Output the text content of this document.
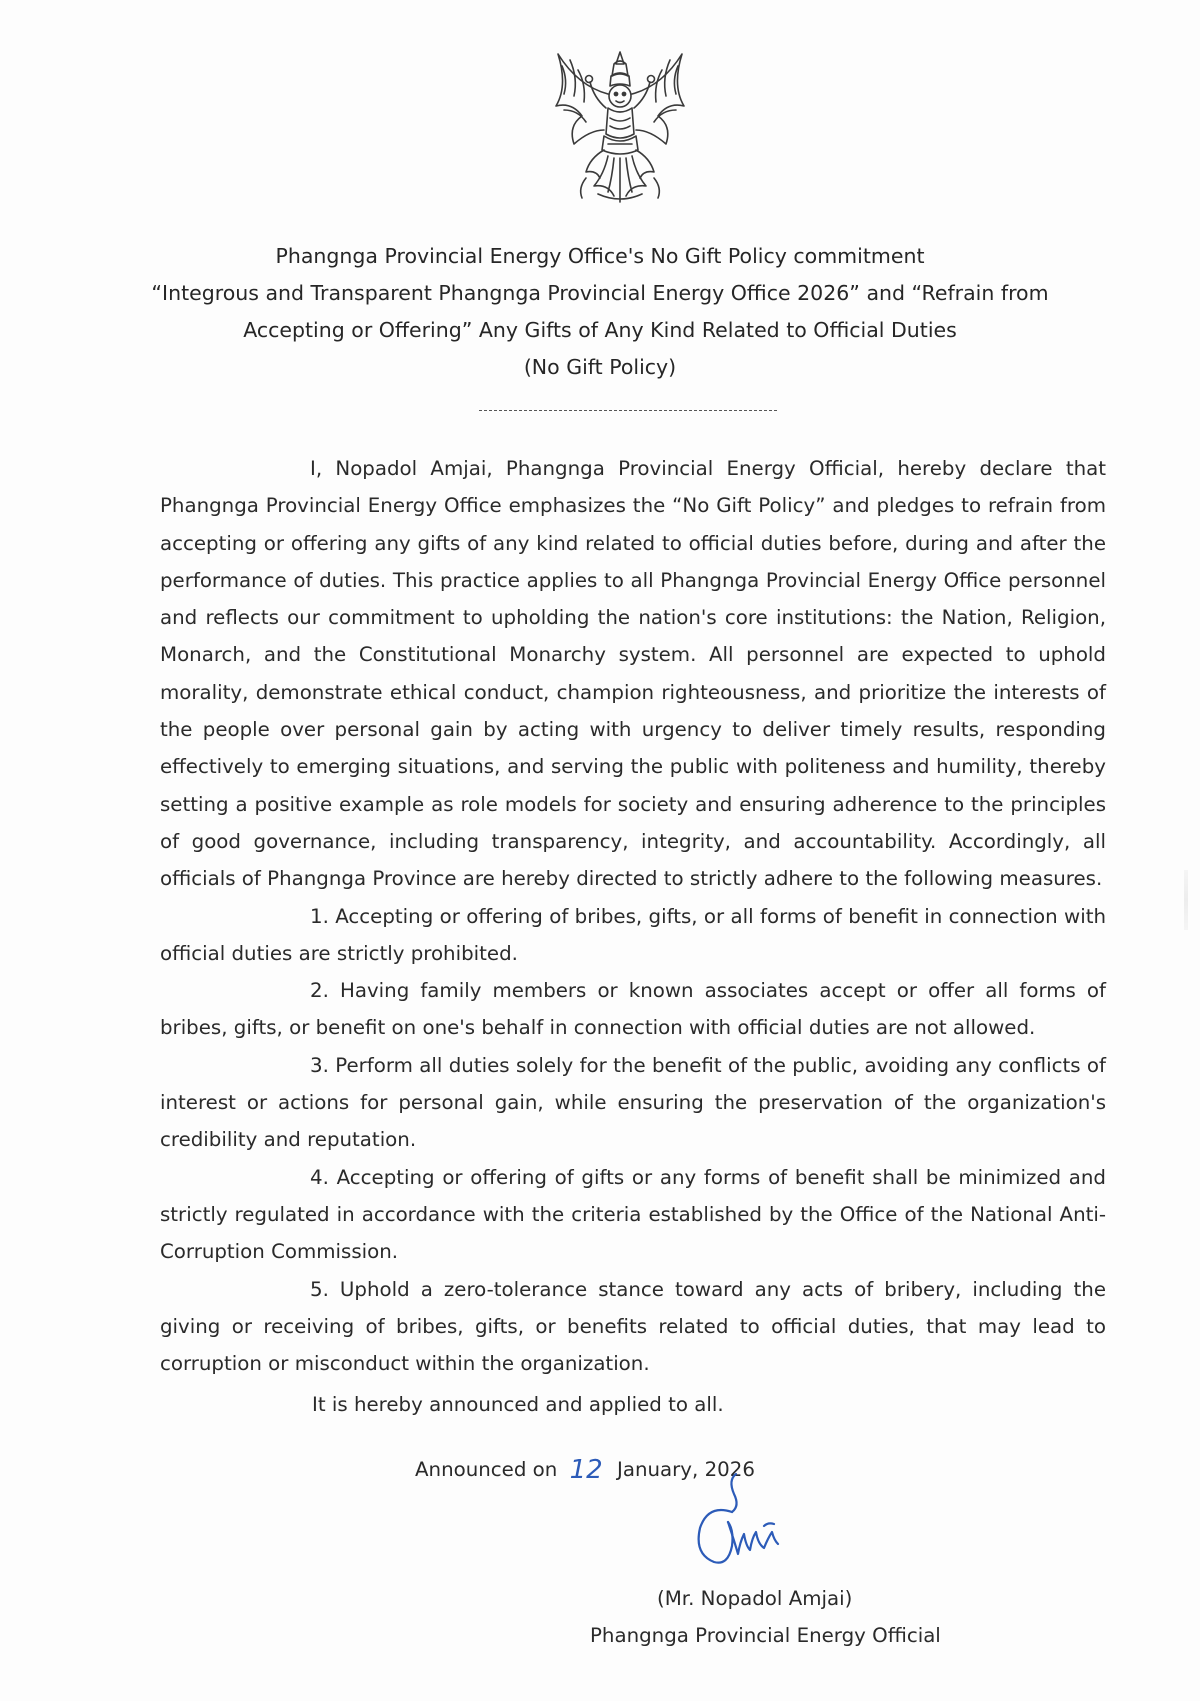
Phangnga Provincial Energy Office's No Gift Policy commitment
“Integrous and Transparent Phangnga Provincial Energy Office 2026” and “Refrain from
Accepting or Offering” Any Gifts of Any Kind Related to Official Duties
(No Gift Policy)

I, Nopadol Amjai, Phangnga Provincial Energy Official, hereby declare that Phangnga Provincial Energy Office emphasizes the “No Gift Policy” and pledges to refrain from accepting or offering any gifts of any kind related to official duties before, during and after the performance of duties. This practice applies to all Phangnga Provincial Energy Office personnel and reflects our commitment to upholding the nation's core institutions: the Nation, Religion, Monarch, and the Constitutional Monarchy system. All personnel are expected to uphold morality, demonstrate ethical conduct, champion righteousness, and prioritize the interests of the people over personal gain by acting with urgency to deliver timely results, responding effectively to emerging situations, and serving the public with politeness and humility, thereby setting a positive example as role models for society and ensuring adherence to the principles of good governance, including transparency, integrity, and accountability. Accordingly, all officials of Phangnga Province are hereby directed to strictly adhere to the following measures.

1. Accepting or offering of bribes, gifts, or all forms of benefit in connection with official duties are strictly prohibited.

2. Having family members or known associates accept or offer all forms of bribes, gifts, or benefit on one's behalf in connection with official duties are not allowed.

3. Perform all duties solely for the benefit of the public, avoiding any conflicts of interest or actions for personal gain, while ensuring the preservation of the organization's credibility and reputation.

4. Accepting or offering of gifts or any forms of benefit shall be minimized and strictly regulated in accordance with the criteria established by the Office of the National Anti-Corruption Commission.

5. Uphold a zero-tolerance stance toward any acts of bribery, including the giving or receiving of bribes, gifts, or benefits related to official duties, that may lead to corruption or misconduct within the organization.

It is hereby announced and applied to all.
Announced on 12 January, 2026
(Mr. Nopadol Amjai)
Phangnga Provincial Energy Official
